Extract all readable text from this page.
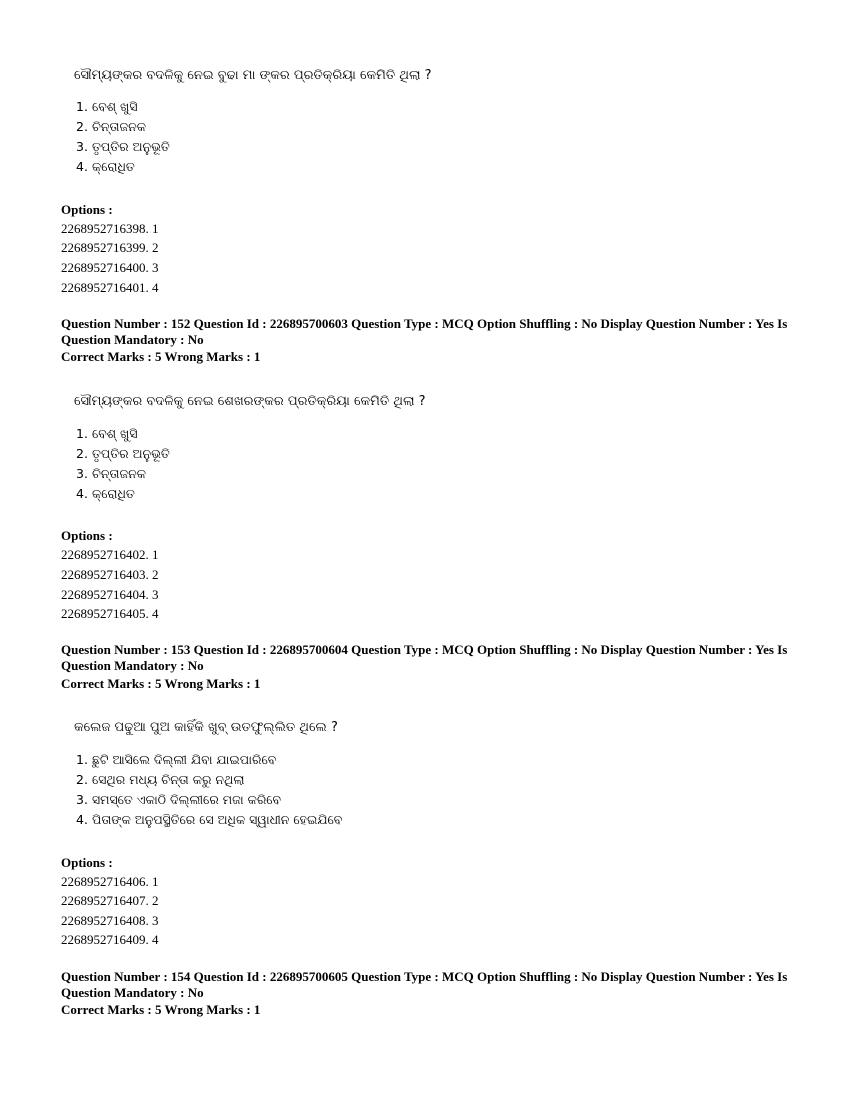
ସୌମ୍ୟଙ୍କର ବଦଳିକୁ ନେଇ ବୁଢା ମା ଙ୍କର ପ୍ରତିକ୍ରିୟା କେମିତି ଥିଲା ?
1. ବେଶ୍ ଖୁସି
2. ଚିନ୍ତାଜନକ
3. ତୃପ୍ତିର ଅନୁଭୂତି
4. କ୍ରୋଧିତ
Options :
2268952716398. 1
2268952716399. 2
2268952716400. 3
2268952716401. 4
Question Number : 152 Question Id : 226895700603 Question Type : MCQ Option Shuffling : No Display Question Number : Yes Is
Question Mandatory : No
Correct Marks : 5 Wrong Marks : 1
ସୌମ୍ୟଙ୍କର ବଦଳିକୁ ନେଇ ଶେଖରଙ୍କର ପ୍ରତିକ୍ରିୟା କେମିତି ଥିଲା ?
1. ବେଶ୍ ଖୁସି
2. ତୃପ୍ତିର ଅନୁଭୂତି
3. ଚିନ୍ତାଜନକ
4. କ୍ରୋଧିତ
Options :
2268952716402. 1
2268952716403. 2
2268952716404. 3
2268952716405. 4
Question Number : 153 Question Id : 226895700604 Question Type : MCQ Option Shuffling : No Display Question Number : Yes Is
Question Mandatory : No
Correct Marks : 5 Wrong Marks : 1
କଲେଜ ପଢୁଆ ପୁଅ କାହିଁକି ଖୁବ୍ ଉତଫୁଲ୍ଲିତ ଥିଲେ ?
1. ଛୁଟି ଆସିଲେ ଦିଲ୍ଲୀ ଯିବା ଯାଇପାରିବେ
2. ସେଥିର ମଧ୍ୟ ଚିନ୍ତା କରୁ ନଥିଲା
3. ସମସ୍ତେ ଏକାଠି ଦିଲ୍ଲୀରେ ମଜା କରିବେ
4. ପିତାଙ୍କ ଅନୁପସ୍ଥିତିରେ ସେ ଅଧିକ ସ୍ୱାଧୀନ ହେଇଯିବେ
Options :
2268952716406. 1
2268952716407. 2
2268952716408. 3
2268952716409. 4
Question Number : 154 Question Id : 226895700605 Question Type : MCQ Option Shuffling : No Display Question Number : Yes Is
Question Mandatory : No
Correct Marks : 5 Wrong Marks : 1
